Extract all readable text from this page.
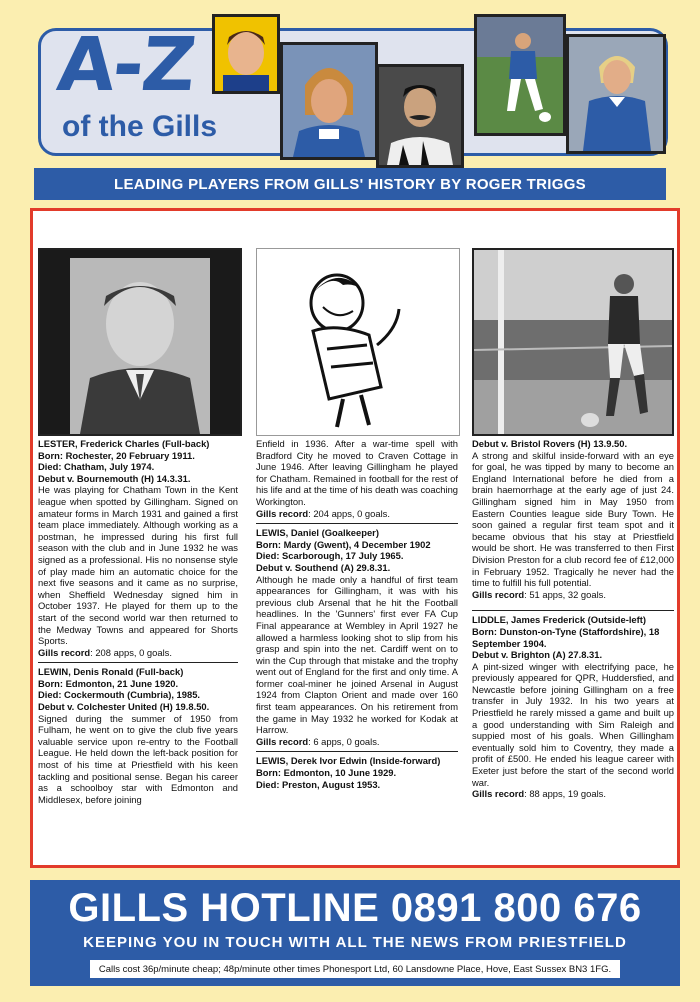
A-Z
of the Gills
LEADING PLAYERS FROM GILLS' HISTORY BY ROGER TRIGGS

LESTER, Frederick Charles (Full-back)

Born: Rochester, 20 February 1911.

Died: Chatham, July 1974.

Debut v. Bournemouth (H) 14.3.31.

He was playing for Chatham Town in the Kent league when spotted by Gillingham. Signed on amateur forms in March 1931 and gained a first team place immediately. Although working as a postman, he impressed during his first full season with the club and in June 1932 he was signed as a professional. His no nonsense style of play made him an automatic choice for the next five seasons and it came as no surprise, when Sheffield Wednesday signed him in October 1937. He played for them up to the start of the second world war then returned to the Medway Towns and appeared for Shorts Sports.

Gills record: 208 apps, 0 goals.

LEWIN, Denis Ronald (Full-back)

Born: Edmonton, 21 June 1920.

Died: Cockermouth (Cumbria), 1985.

Debut v. Colchester United (H) 19.8.50.

Signed during the summer of 1950 from Fulham, he went on to give the club five years valuable service upon re-entry to the Football League. He held down the left-back position for most of his time at Priestfield with his keen tackling and positional sense. Began his career as a schoolboy star with Edmonton and Middlesex, before joining

Enfield in 1936. After a war-time spell with Bradford City he moved to Craven Cottage in June 1946. After leaving Gillingham he played for Chatham. Remained in football for the rest of his life and at the time of his death was coaching Workington.

Gills record: 204 apps, 0 goals.

LEWIS, Daniel (Goalkeeper)

Born: Mardy (Gwent), 4 December 1902

Died: Scarborough, 17 July 1965.

Debut v. Southend (A) 29.8.31.

Although he made only a handful of first team appearances for Gillingham, it was with his previous club Arsenal that he hit the Football headlines. In the 'Gunners' first ever FA Cup Final appearance at Wembley in April 1927 he allowed a harmless looking shot to slip from his grasp and spin into the net. Cardiff went on to win the Cup through that mistake and the trophy went out of England for the first and only time. A former coal-miner he joined Arsenal in August 1924 from Clapton Orient and made over 160 first team appearances. On his retirement from the game in May 1932 he worked for Kodak at Harrow.

Gills record: 6 apps, 0 goals.

LEWIS, Derek Ivor Edwin (Inside-forward)

Born: Edmonton, 10 June 1929.

Died: Preston, August 1953.

Debut v. Bristol Rovers (H) 13.9.50.

A strong and skilful inside-forward with an eye for goal, he was tipped by many to become an England International before he died from a brain haemorrhage at the early age of just 24. Gillingham signed him in May 1950 from Eastern Counties league side Bury Town. He soon gained a regular first team spot and it became obvious that his stay at Priestfield would be short. He was transferred to then First Division Preston for a club record fee of £12,000 in February 1952. Tragically he never had the time to fulfill his full potential.

Gills record: 51 apps, 32 goals.

LIDDLE, James Frederick (Outside-left)

Born: Dunston-on-Tyne (Staffordshire), 18 September 1904.

Debut v. Brighton (A) 27.8.31.

A pint-sized winger with electrifying pace, he previously appeared for QPR, Huddersfied, and Newcastle before joining Gillingham on a free transfer in July 1932. In his two years at Priestfield he rarely missed a game and built up a good understanding with Sim Raleigh and suppied most of his goals. When Gillingham eventually sold him to Coventry, they made a profit of £500. He ended his league career with Exeter just before the start of the second world war.

Gills record: 88 apps, 19 goals.

GILLS HOTLINE 0891 800 676
KEEPING YOU IN TOUCH WITH ALL THE NEWS FROM PRIESTFIELD
Calls cost 36p/minute cheap; 48p/minute other times Phonesport Ltd, 60 Lansdowne Place, Hove, East Sussex BN3 1FG.
